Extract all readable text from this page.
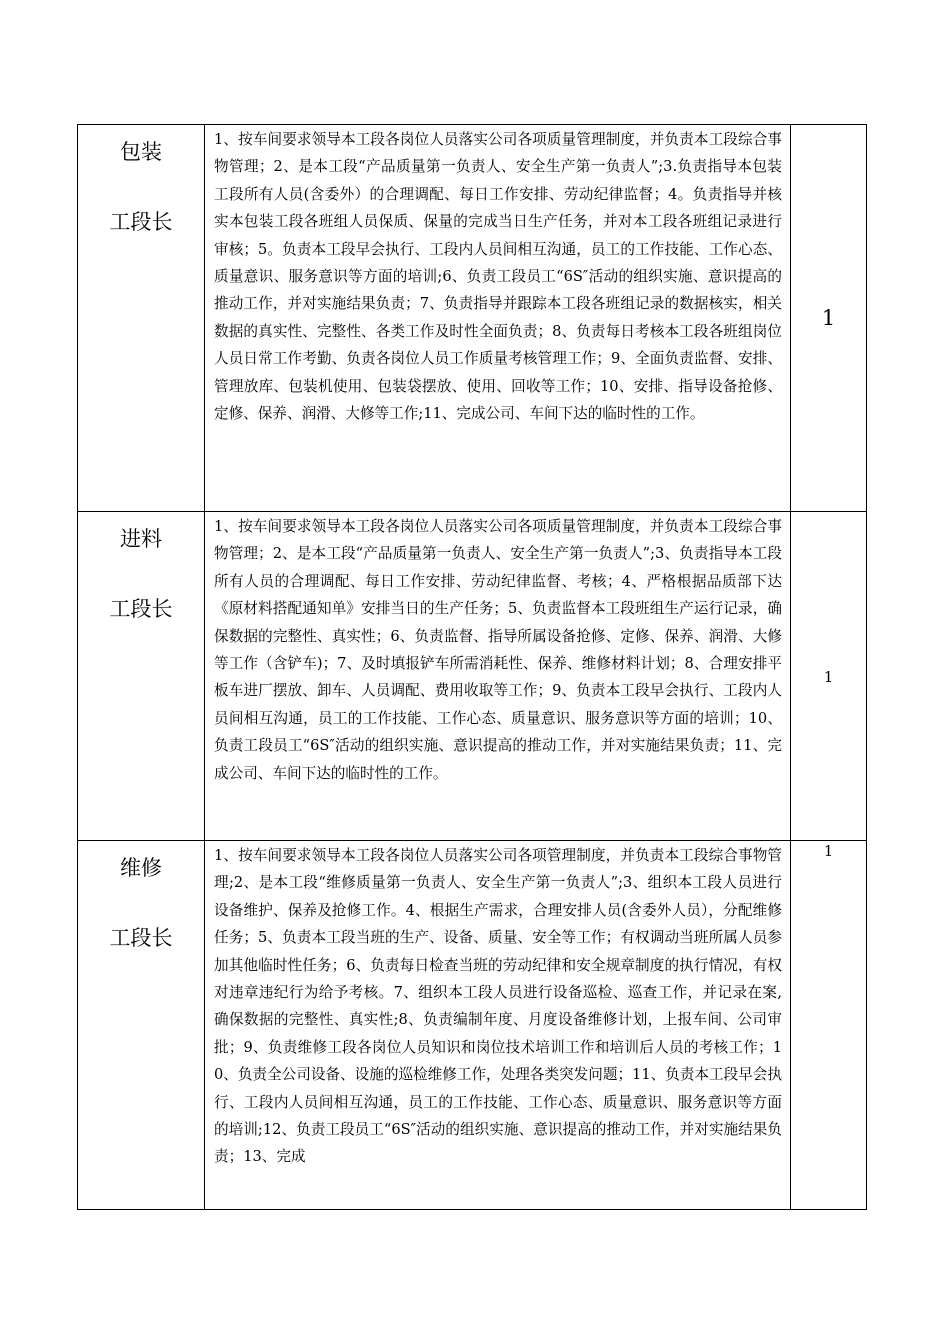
包装
工段长	1、按车间要求领导本工段各岗位人员落实公司各项质量管理制度，并负责本工段综合事物管理；2、是本工段“产品质量第一负责人、安全生产第一负责人”;3.负责指导本包装工段所有人员(含委外）的合理调配、每日工作安排、劳动纪律监督；4。负责指导并核实本包装工段各班组人员保质、保量的完成当日生产任务，并对本工段各班组记录进行审核；5。负责本工段早会执行、工段内人员间相互沟通，员工的工作技能、工作心态、质量意识、服务意识等方面的培训;6、负责工段员工“6S″活动的组织实施、意识提高的推动工作，并对实施结果负责；7、负责指导并跟踪本工段各班组记录的数据核实，相关数据的真实性、完整性、各类工作及时性全面负责；8、负责每日考核本工段各班组岗位人员日常工作考勤、负责各岗位人员工作质量考核管理工作；9、全面负责监督、安排、管理放库、包装机使用、包装袋摆放、使用、回收等工作；10、安排、指导设备抢修、定修、保养、润滑、大修等工作;11、完成公司、车间下达的临时性的工作。	1

进料
工段长	1、按车间要求领导本工段各岗位人员落实公司各项质量管理制度，并负责本工段综合事物管理；2、是本工段“产品质量第一负责人、安全生产第一负责人”;3、负责指导本工段所有人员的合理调配、每日工作安排、劳动纪律监督、考核；4、严格根据品质部下达《原材料搭配通知单》安排当日的生产任务；5、负责监督本工段班组生产运行记录，确保数据的完整性、真实性；6、负责监督、指导所属设备抢修、定修、保养、润滑、大修等工作（含铲车)；7、及时填报铲车所需消耗性、保养、维修材料计划；8、合理安排平板车进厂摆放、卸车、人员调配、费用收取等工作；9、负责本工段早会执行、工段内人员间相互沟通，员工的工作技能、工作心态、质量意识、服务意识等方面的培训；10、负责工段员工“6S″活动的组织实施、意识提高的推动工作，并对实施结果负责；11、完成公司、车间下达的临时性的工作。	1

维修
工段长	1、按车间要求领导本工段各岗位人员落实公司各项管理制度，并负责本工段综合事物管理;2、是本工段“维修质量第一负责人、安全生产第一负责人”;3、组织本工段人员进行设备维护、保养及抢修工作。4、根据生产需求，合理安排人员(含委外人员），分配维修任务；5、负责本工段当班的生产、设备、质量、安全等工作；有权调动当班所属人员参加其他临时性任务；6、负责每日检查当班的劳动纪律和安全规章制度的执行情况，有权对违章违纪行为给予考核。7、组织本工段人员进行设备巡检、巡查工作，并记录在案,确保数据的完整性、真实性;8、负责编制年度、月度设备维修计划，上报车间、公司审批；9、负责维修工段各岗位人员知识和岗位技术培训工作和培训后人员的考核工作；10、负责全公司设备、设施的巡检维修工作，处理各类突发问题；11、负责本工段早会执行、工段内人员间相互沟通，员工的工作技能、工作心态、质量意识、服务意识等方面的培训;12、负责工段员工“6S″活动的组织实施、意识提高的推动工作，并对实施结果负责；13、完成	1
